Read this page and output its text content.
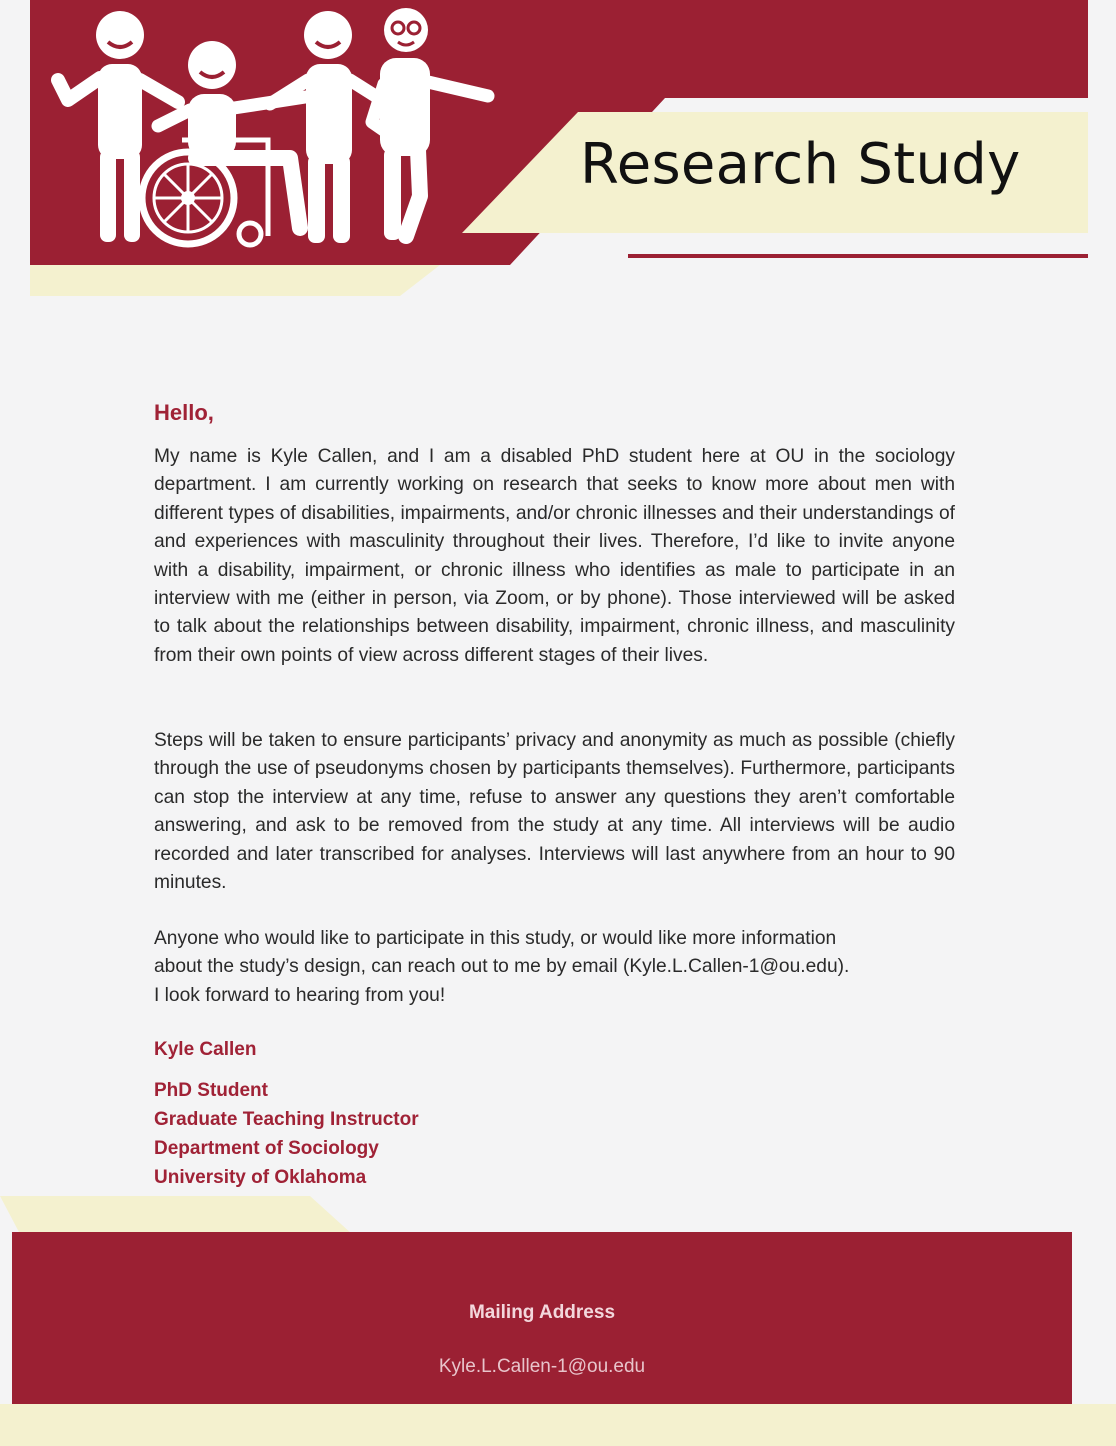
Research Study
Hello,

My name is Kyle Callen, and I am a disabled PhD student here at OU in the sociology department. I am currently working on research that seeks to know more about men with different types of disabilities, impairments, and/or chronic illnesses and their understandings of and experiences with masculinity throughout their lives. Therefore, I’d like to invite anyone with a disability, impairment, or chronic illness who identifies as male to participate in an interview with me (either in person, via Zoom, or by phone). Those interviewed will be asked to talk about the relationships between disability, impairment, chronic illness, and masculinity from their own points of view across different stages of their lives.

Steps will be taken to ensure participants’ privacy and anonymity as much as possible (chiefly through the use of pseudonyms chosen by participants themselves). Furthermore, participants can stop the interview at any time, refuse to answer any questions they aren’t comfortable answering, and ask to be removed from the study at any time. All interviews will be audio recorded and later transcribed for analyses. Interviews will last anywhere from an hour to 90 minutes.

Anyone who would like to participate in this study, or would like more information
about the study’s design, can reach out to me by email (Kyle.L.Callen-1@ou.edu).
I look forward to hearing from you!
Kyle Callen
PhD Student
Graduate Teaching Instructor
Department of Sociology
University of Oklahoma
Mailing Address
Kyle.L.Callen-1@ou.edu
